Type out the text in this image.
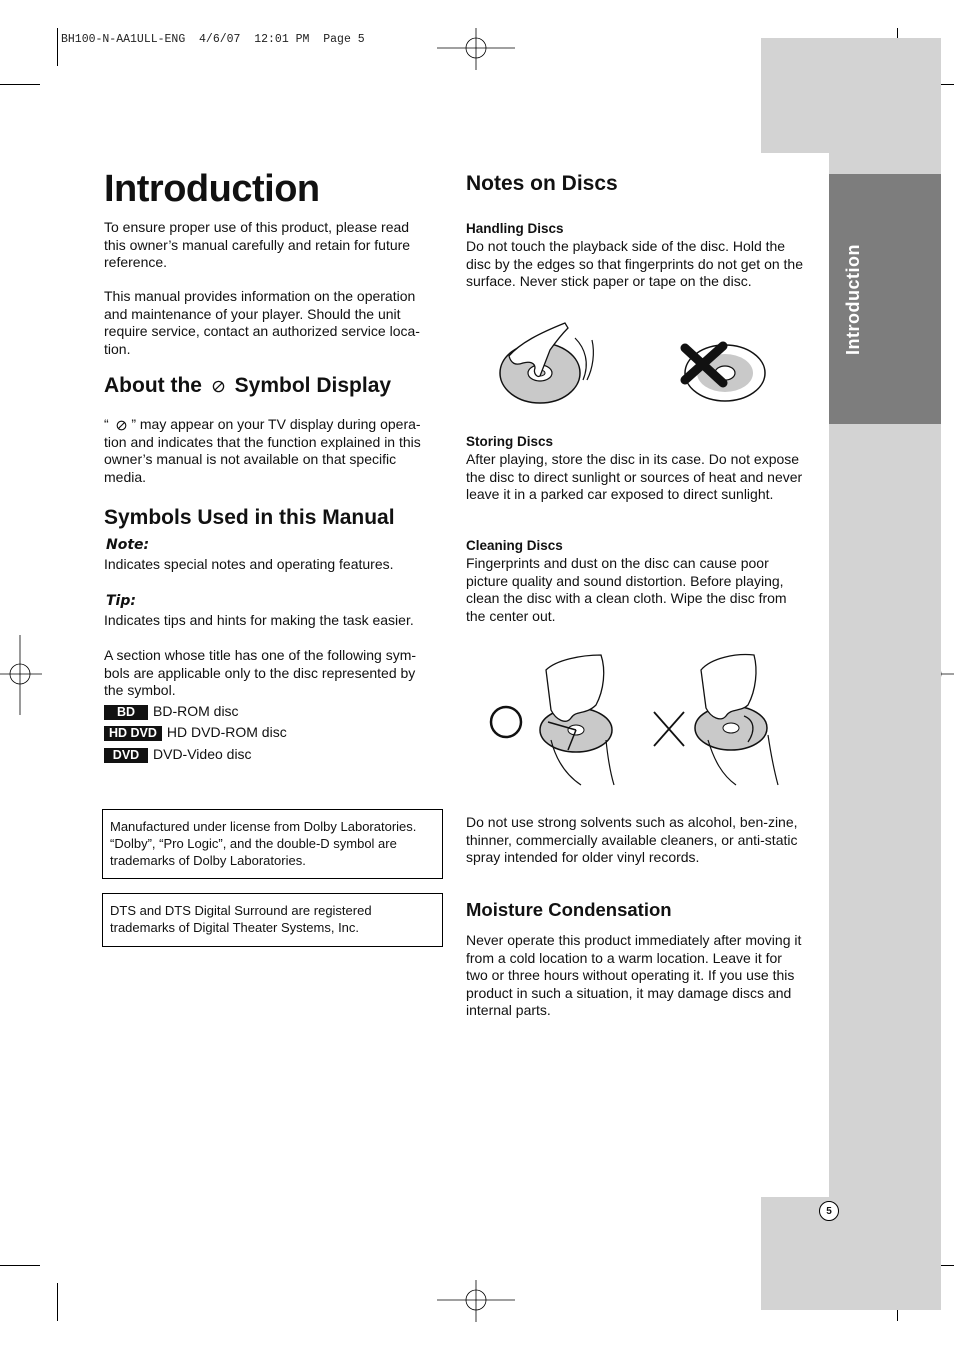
BH100-N-AA1ULL-ENG  4/6/07  12:01 PM  Page 5
Introduction
5
Introduction

To ensure proper use of this product, please read this owner’s manual carefully and retain for future reference.

This manual provides information on the operation and maintenance of your player. Should the unit require service, contact an authorized service loca-tion.

About the Symbol Display

“ ” may appear on your TV display during opera-tion and indicates that the function explained in this owner’s manual is not available on that specific media.

Symbols Used in this Manual
Note:

Indicates special notes and operating features.

Tip:

Indicates tips and hints for making the task easier.

A section whose title has one of the following sym-bols are applicable only to the disc represented by the symbol.

BD BD-ROM disc
HD DVD HD DVD-ROM disc
DVD DVD-Video disc
Manufactured under license from Dolby Laboratories. “Dolby”, “Pro Logic”, and the double-D symbol are trademarks of Dolby Laboratories.
DTS and DTS Digital Surround are registered trademarks of Digital Theater Systems, Inc.
Notes on Discs
Handling Discs

Do not touch the playback side of the disc. Hold the disc by the edges so that fingerprints do not get on the surface. Never stick paper or tape on the disc.

Storing Discs

After playing, store the disc in its case. Do not expose the disc to direct sunlight or sources of heat and never leave it in a parked car exposed to direct sunlight.

Cleaning Discs

Fingerprints and dust on the disc can cause poor picture quality and sound distortion. Before playing, clean the disc with a clean cloth. Wipe the disc from the center out.

Do not use strong solvents such as alcohol, ben-zine, thinner, commercially available cleaners, or anti-static spray intended for older vinyl records.

Moisture Condensation

Never operate this product immediately after moving it from a cold location to a warm location. Leave it for two or three hours without operating it. If you use this product in such a situation, it may damage discs and internal parts.
